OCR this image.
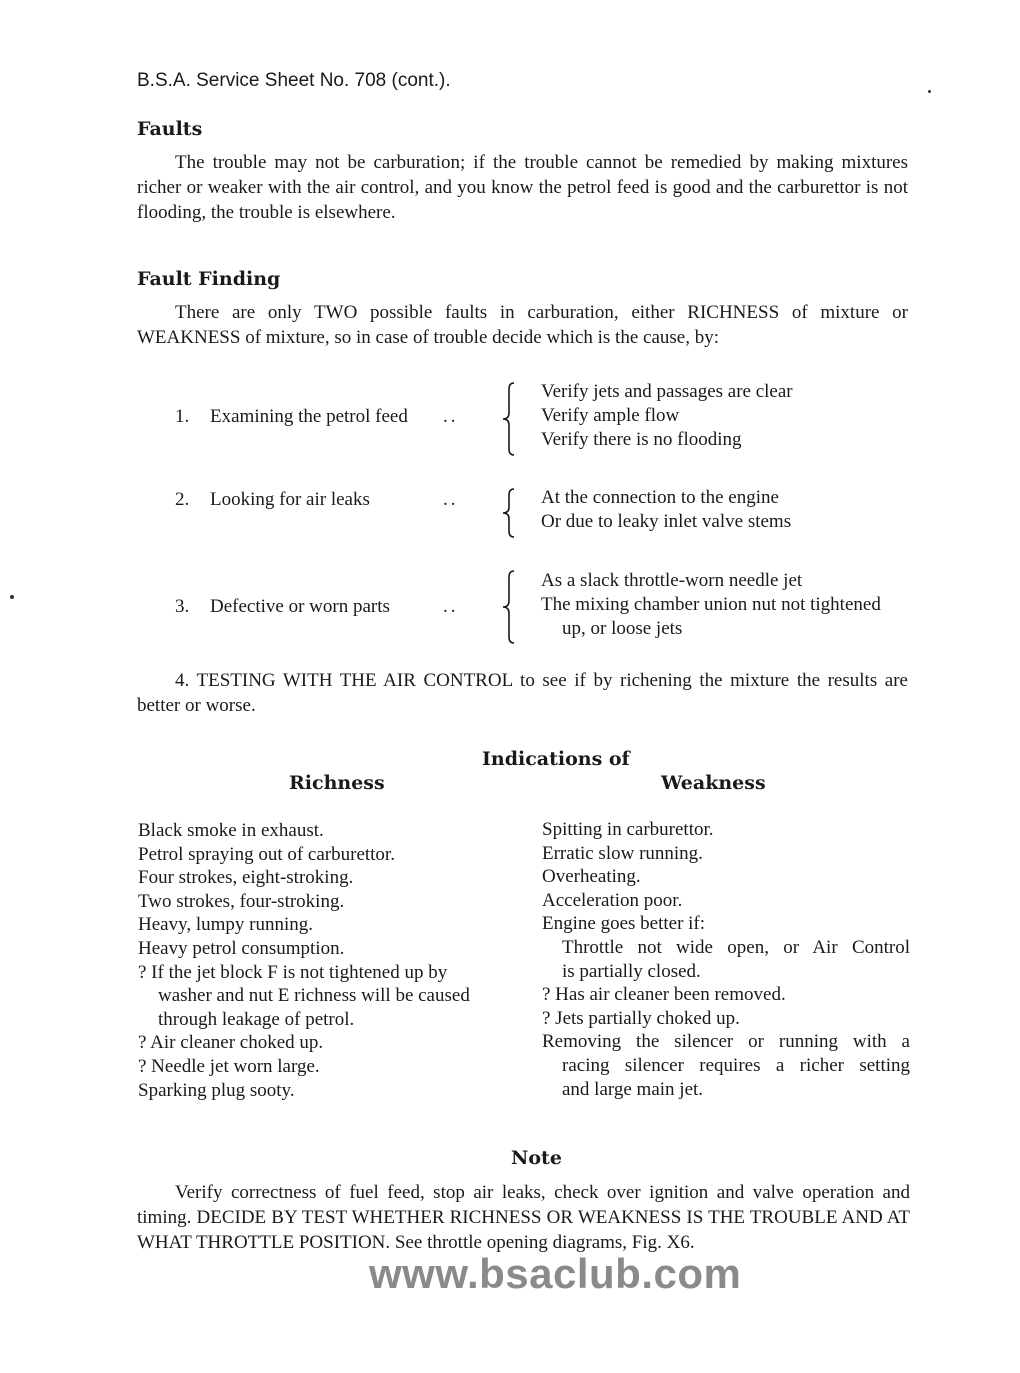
B.S.A. Service Sheet No. 708 (cont.).
Faults
The trouble may not be carburation; if the trouble cannot be remedied by making mixtures richer or weaker with the air control, and you know the petrol feed is good and the carburettor is not flooding, the trouble is elsewhere.
Fault Finding
There are only TWO possible faults in carburation, either RICHNESS of mixture or WEAKNESS of mixture, so in case of trouble decide which is the cause, by:
1. Examining the petrol feed ..
Verify jets and passages are clear
Verify ample flow
Verify there is no flooding
2. Looking for air leaks	..	At the connection to the engine
Or due to leaky inlet valve stems
3. Defective or worn parts	..
As a slack throttle-worn needle jet
The mixing chamber union nut not tightened
up, or loose jets
4. TESTING WITH THE AIR CONTROL to see if by richening the mixture the results are better or worse.
Indications of
Richness	Weakness
Black smoke in exhaust.
Petrol spraying out of carburettor.
Four strokes, eight-stroking.
Two strokes, four-stroking.
Heavy, lumpy running.
Heavy petrol consumption.
? If the jet block F is not tightened up by
washer and nut E richness will be caused
through leakage of petrol.
? Air cleaner choked up.
? Needle jet worn large.
Sparking plug sooty.
Spitting in carburettor.
Erratic slow running.
Overheating.
Acceleration poor.
Engine goes better if:
Throttle not wide open, or Air Control
is partially closed.
? Has air cleaner been removed.
? Jets partially choked up.
Removing the silencer or running with a
racing silencer requires a richer setting
and large main jet.
Note
Verify correctness of fuel feed, stop air leaks, check over ignition and valve operation and timing. DECIDE BY TEST WHETHER RICHNESS OR WEAKNESS IS THE TROUBLE AND AT WHAT THROTTLE POSITION. See throttle opening diagrams, Fig. X6.
www.bsaclub.com
